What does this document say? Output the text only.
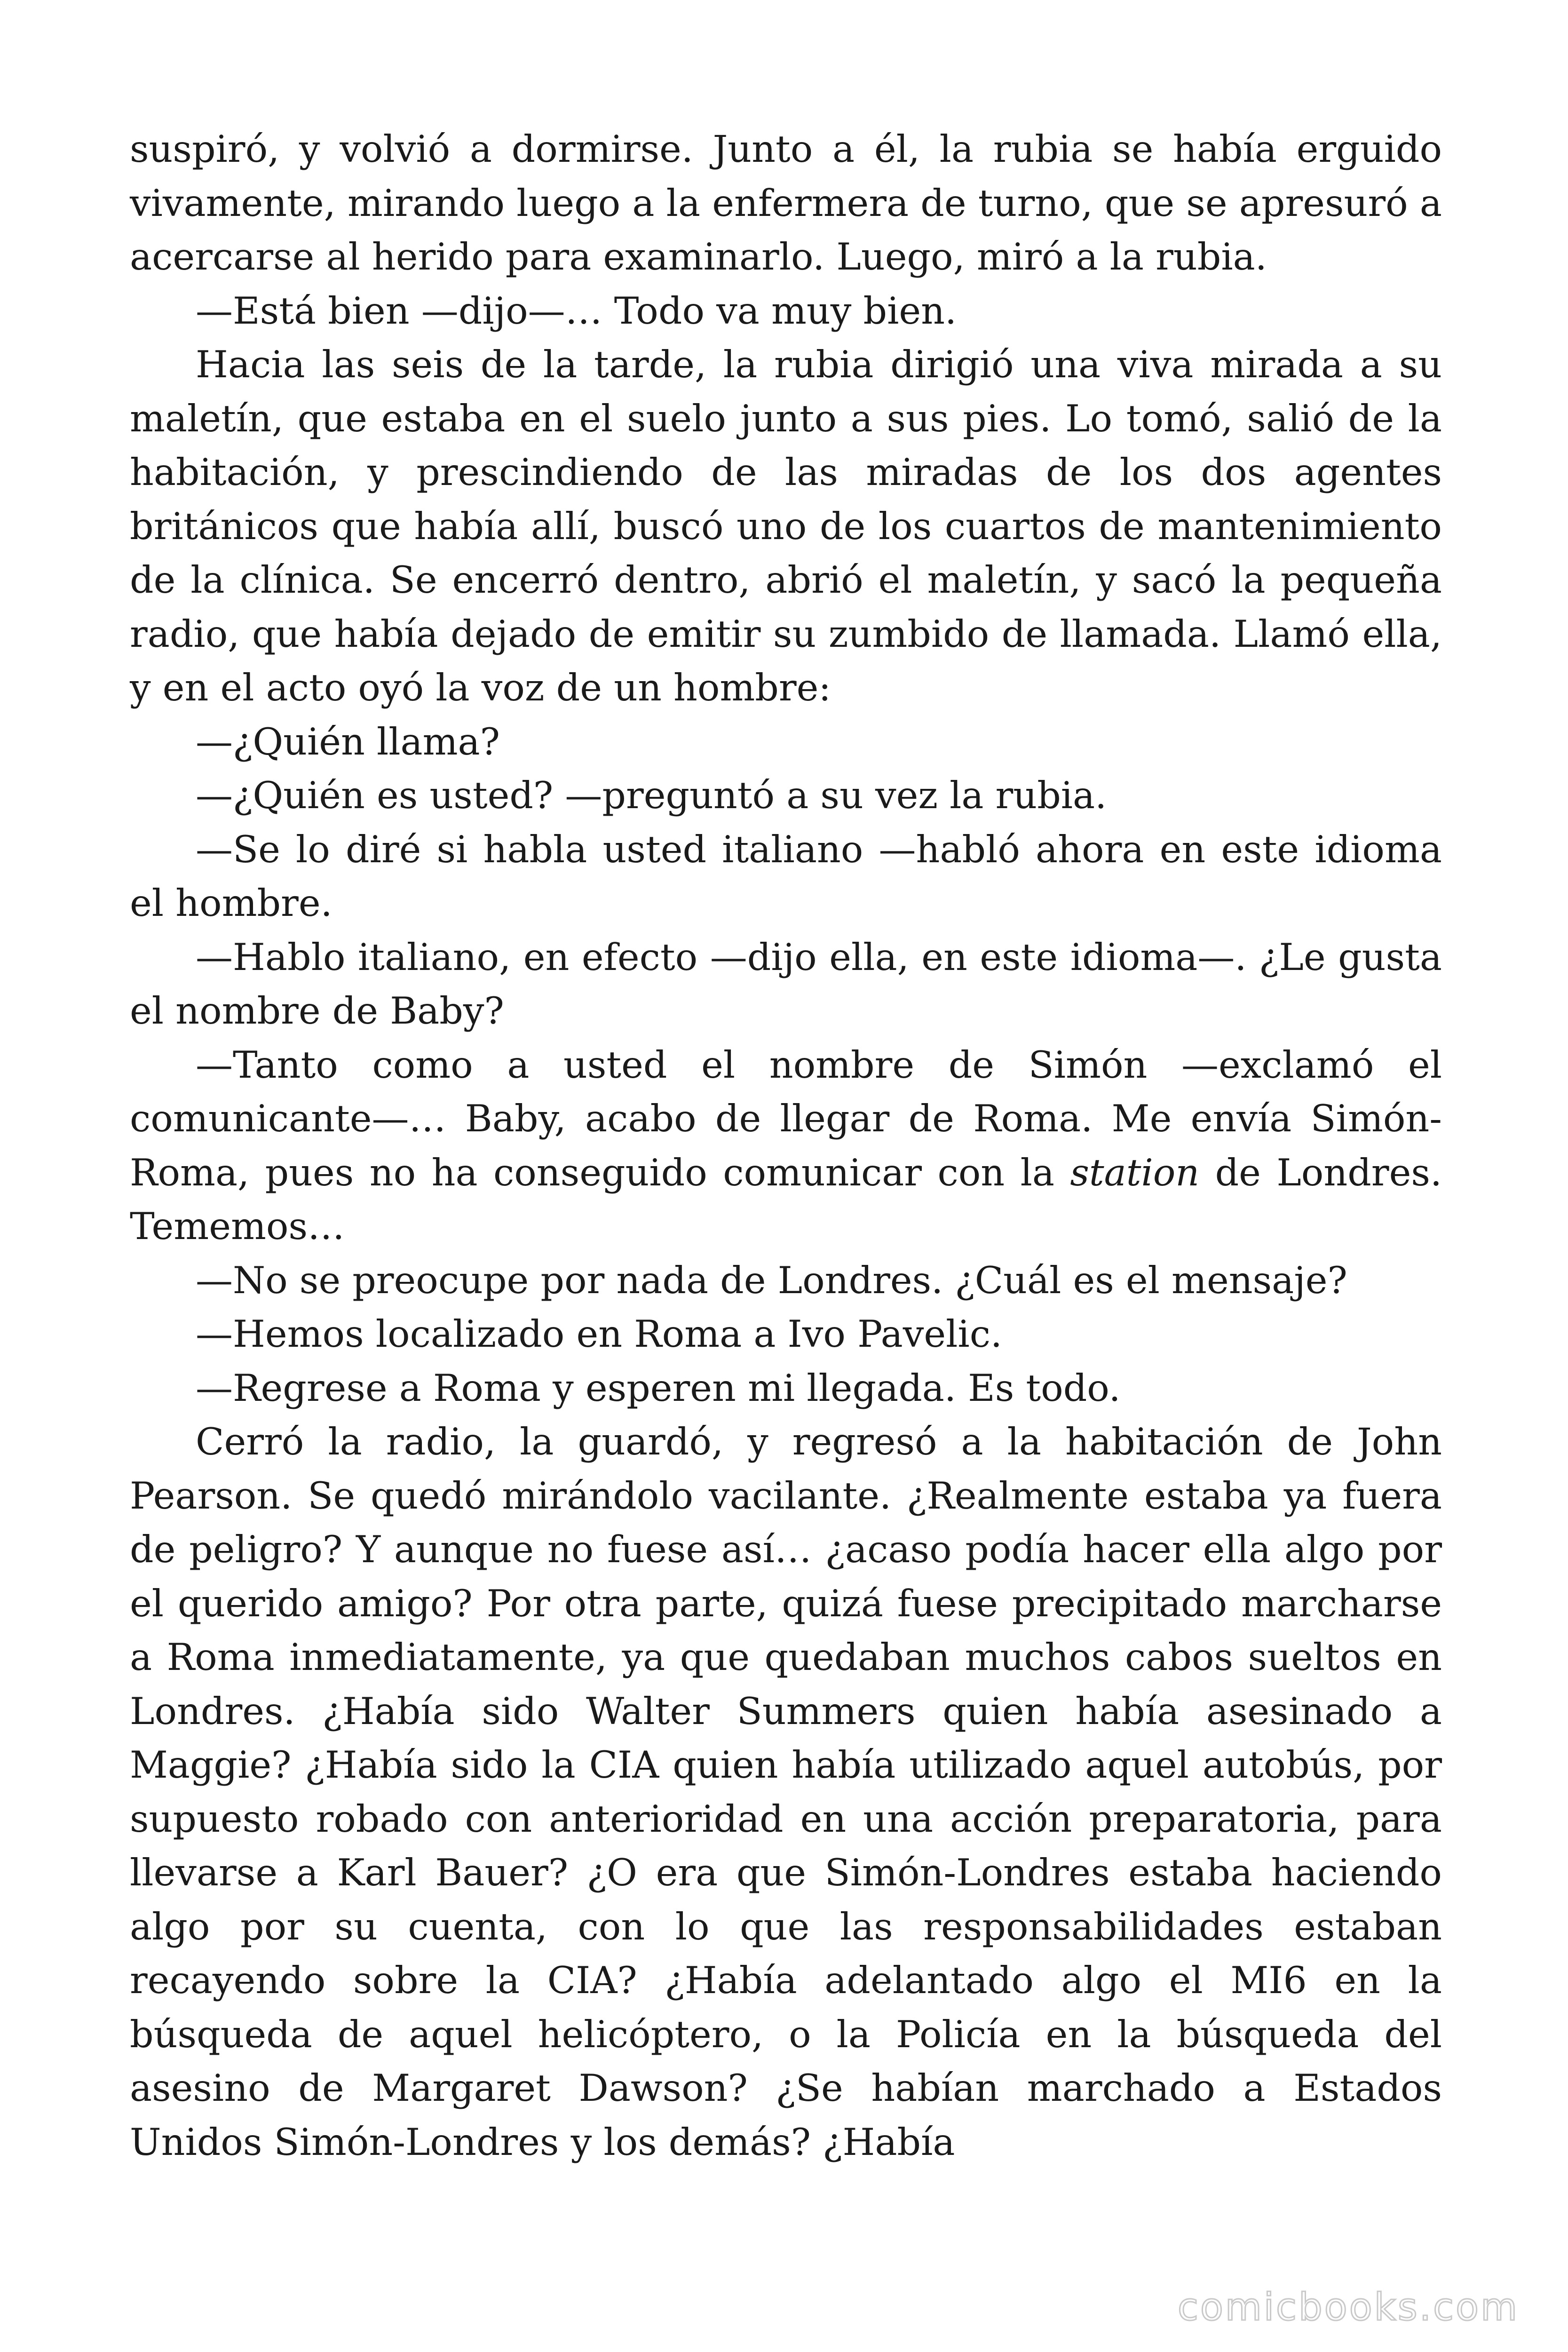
suspiró, y volvió a dormirse. Junto a él, la rubia se había erguido vivamente, mirando luego a la enfermera de turno, que se apresuró a acercarse al herido para examinarlo. Luego, miró a la rubia.

—Está bien —dijo—… Todo va muy bien.

Hacia las seis de la tarde, la rubia dirigió una viva mirada a su maletín, que estaba en el suelo junto a sus pies. Lo tomó, salió de la habitación, y prescindiendo de las miradas de los dos agentes británicos que había allí, buscó uno de los cuartos de mantenimiento de la clínica. Se encerró dentro, abrió el maletín, y sacó la pequeña radio, que había dejado de emitir su zumbido de llamada. Llamó ella, y en el acto oyó la voz de un hombre:

—¿Quién llama?

—¿Quién es usted? —preguntó a su vez la rubia.

—Se lo diré si habla usted italiano —habló ahora en este idioma el hombre.

—Hablo italiano, en efecto —dijo ella, en este idioma—. ¿Le gusta el nombre de Baby?

—Tanto como a usted el nombre de Simón —exclamó el comunicante—… Baby, acabo de llegar de Roma. Me envía Simón-Roma, pues no ha conseguido comunicar con la station de Londres. Tememos…

—No se preocupe por nada de Londres. ¿Cuál es el mensaje?

—Hemos localizado en Roma a Ivo Pavelic.

—Regrese a Roma y esperen mi llegada. Es todo.

Cerró la radio, la guardó, y regresó a la habitación de John Pearson. Se quedó mirándolo vacilante. ¿Realmente estaba ya fuera de peligro? Y aunque no fuese así… ¿acaso podía hacer ella algo por el querido amigo? Por otra parte, quizá fuese precipitado marcharse a Roma inmediatamente, ya que quedaban muchos cabos sueltos en Londres. ¿Había sido Walter Summers quien había asesinado a Maggie? ¿Había sido la CIA quien había utilizado aquel autobús, por supuesto robado con anterioridad en una acción preparatoria, para llevarse a Karl Bauer? ¿O era que Simón-Londres estaba haciendo algo por su cuenta, con lo que las responsabilidades estaban recayendo sobre la CIA? ¿Había adelantado algo el MI6 en la búsqueda de aquel helicóptero, o la Policía en la búsqueda del asesino de Margaret Dawson? ¿Se habían marchado a Estados Unidos Simón-Londres y los demás? ¿Había

comicbooks.com
